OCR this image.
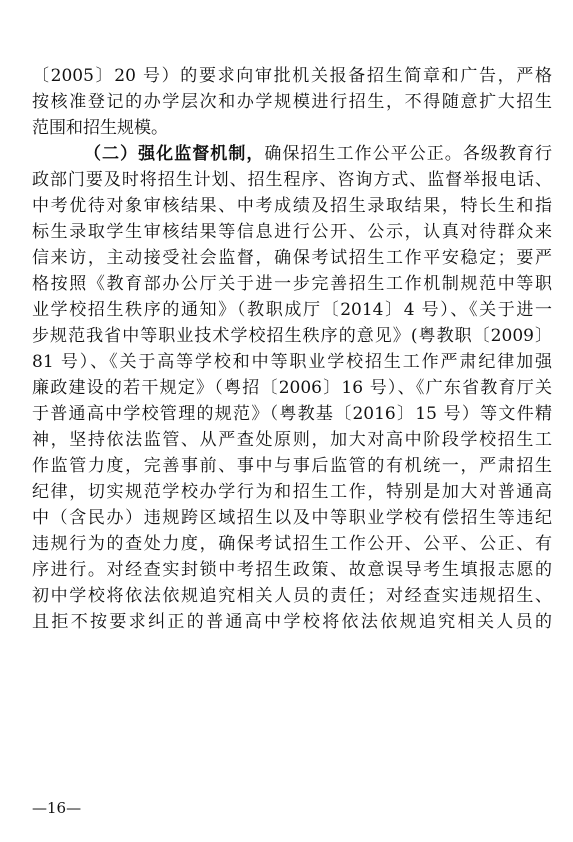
〔2005〕20 号）的要求向审批机关报备招生简章和广告，严格
按核准登记的办学层次和办学规模进行招生，不得随意扩大招生
范围和招生规模。
（二）强化监督机制，确保招生工作公平公正。各级教育行
政部门要及时将招生计划、招生程序、咨询方式、监督举报电话、
中考优待对象审核结果、中考成绩及招生录取结果，特长生和指
标生录取学生审核结果等信息进行公开、公示，认真对待群众来
信来访，主动接受社会监督，确保考试招生工作平安稳定；要严
格按照《教育部办公厅关于进一步完善招生工作机制规范中等职
业学校招生秩序的通知》（教职成厅〔2014〕4 号）、《关于进一
步规范我省中等职业技术学校招生秩序的意见》(粤教职〔2009〕
81 号）、《关于高等学校和中等职业学校招生工作严肃纪律加强
廉政建设的若干规定》（粤招〔2006〕16 号）、《广东省教育厅关
于普通高中学校管理的规范》（粤教基〔2016〕15 号）等文件精
神，坚持依法监管、从严查处原则，加大对高中阶段学校招生工
作监管力度，完善事前、事中与事后监管的有机统一，严肃招生
纪律，切实规范学校办学行为和招生工作，特别是加大对普通高
中（含民办）违规跨区域招生以及中等职业学校有偿招生等违纪
违规行为的查处力度，确保考试招生工作公开、公平、公正、有
序进行。对经查实封锁中考招生政策、故意误导考生填报志愿的
初中学校将依法依规追究相关人员的责任；对经查实违规招生、
且拒不按要求纠正的普通高中学校将依法依规追究相关人员的
—16—
